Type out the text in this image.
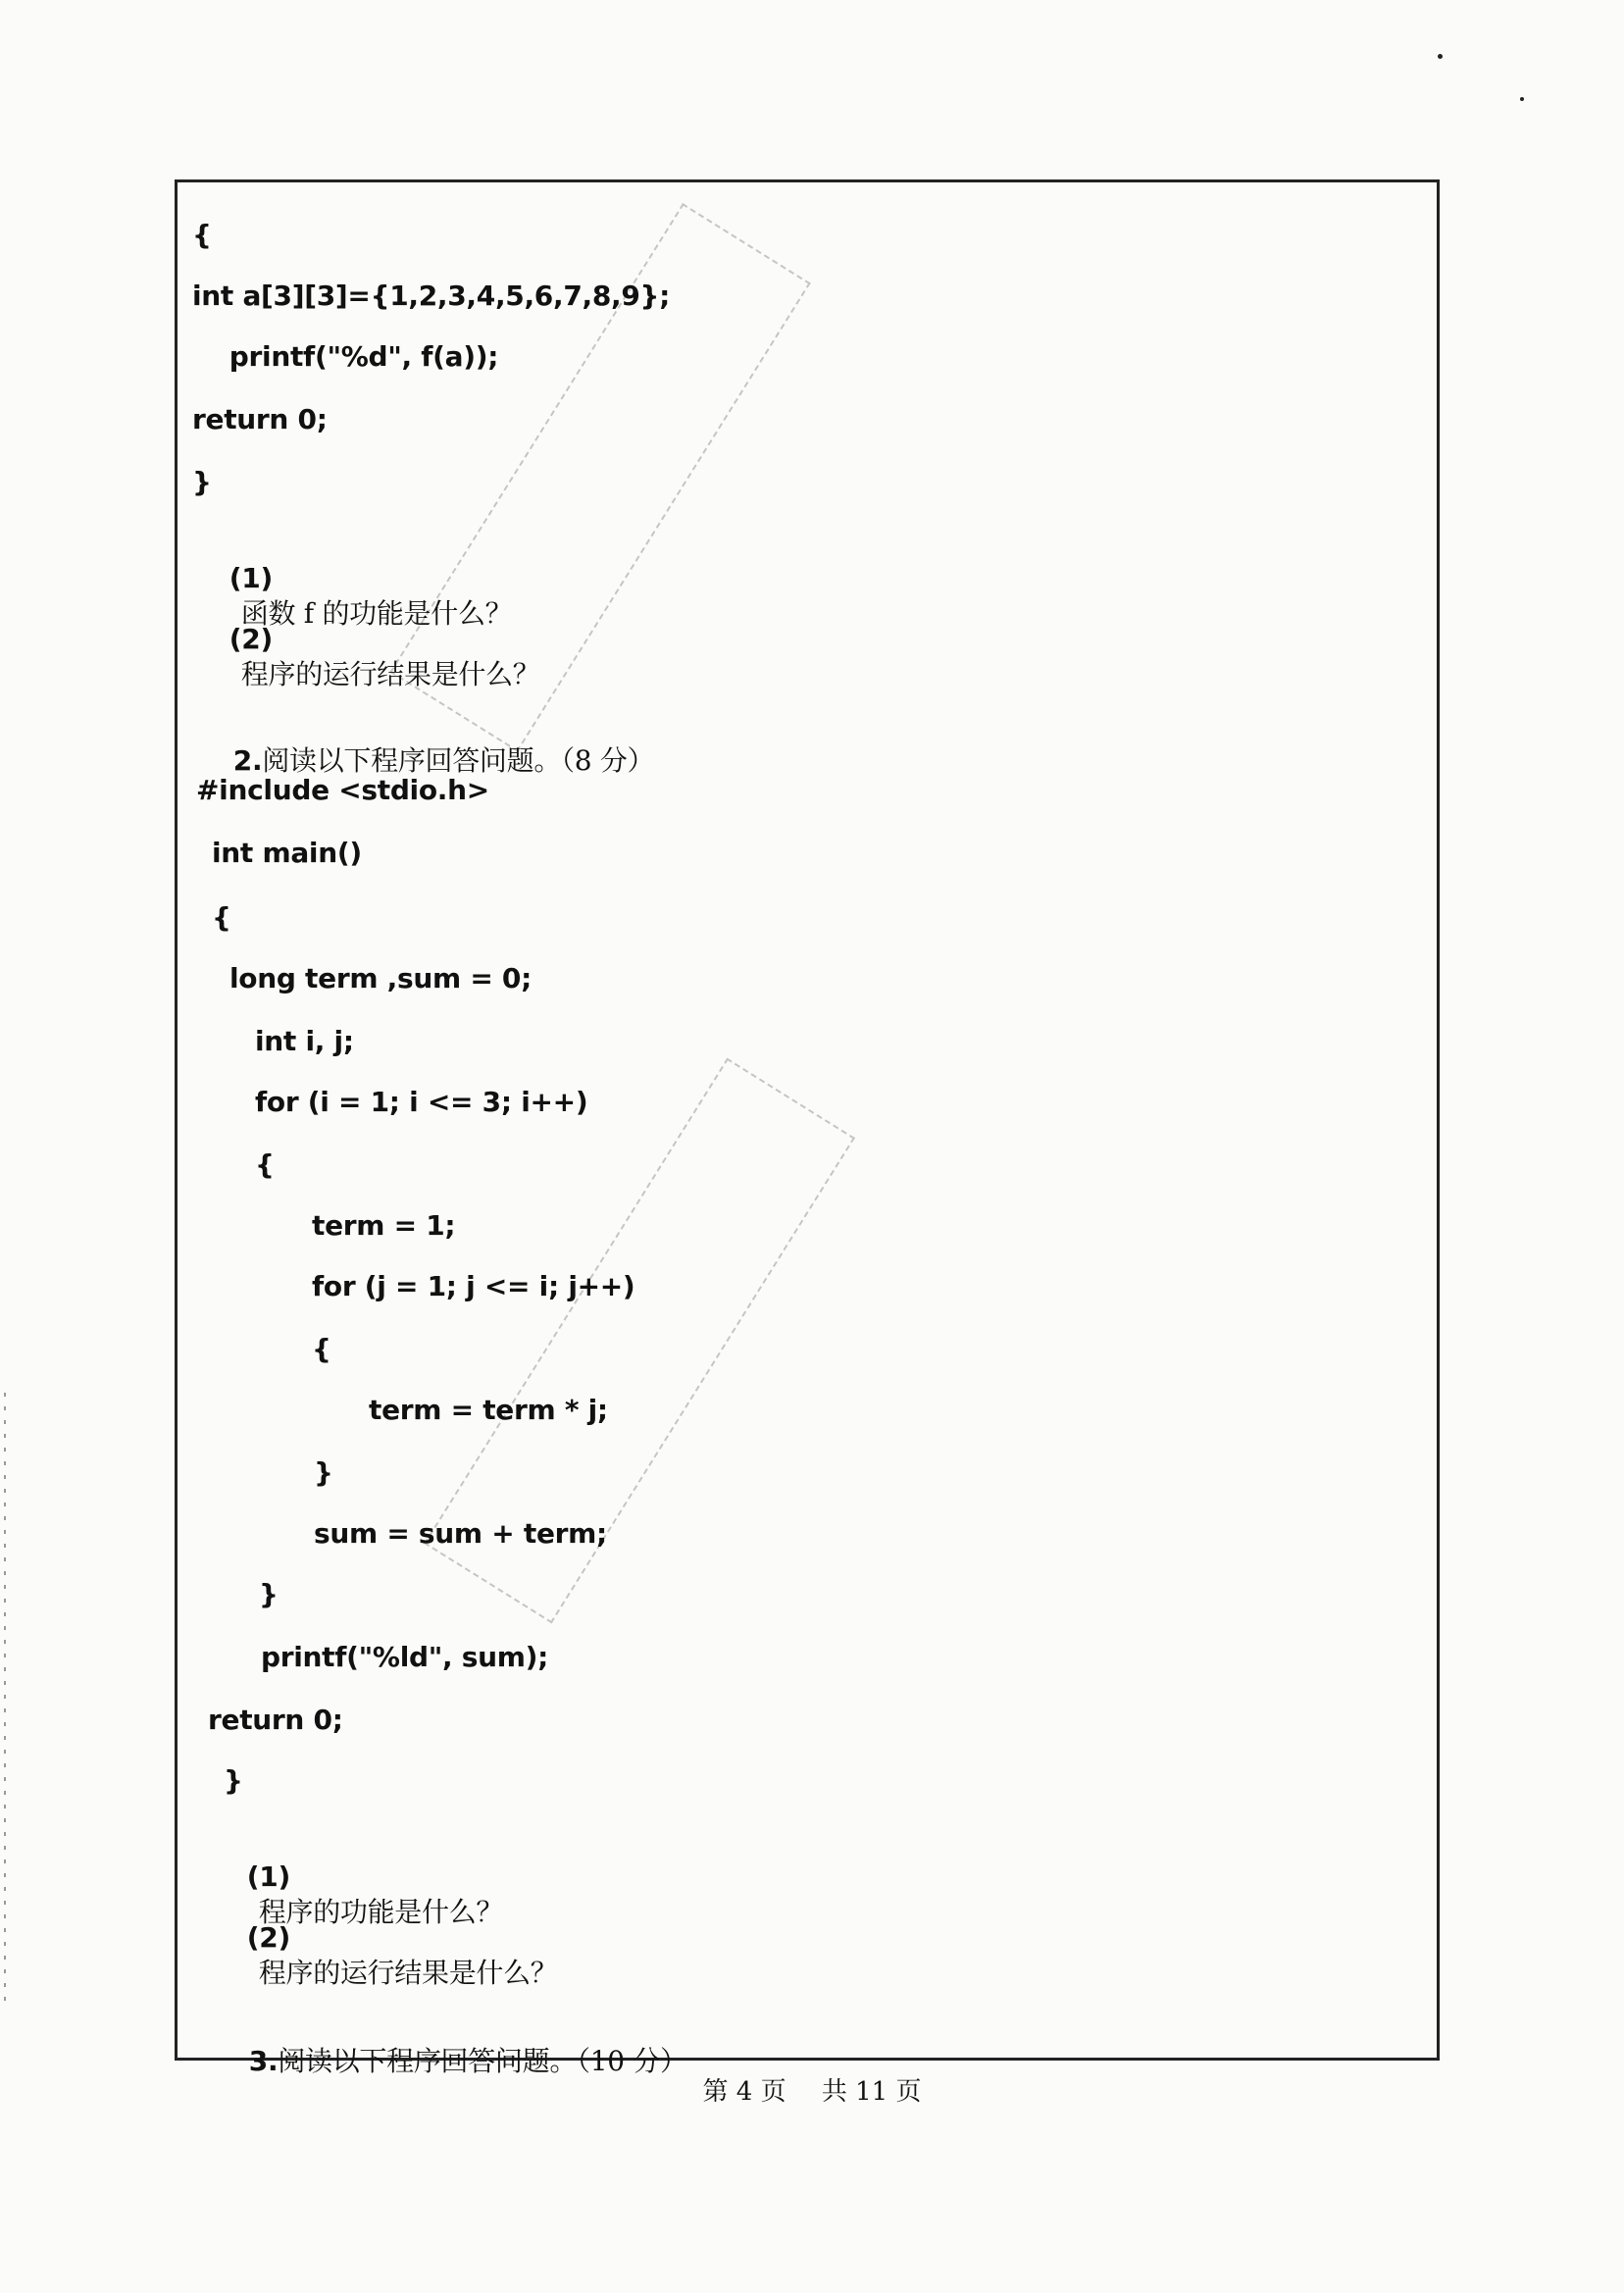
{
int a[3][3]={1,2,3,4,5,6,7,8,9};
printf("%d", f(a));
return 0;
}

(1)
函数 f 的功能是什么？

(2)
程序的运行结果是什么？

2.阅读以下程序回答问题。（8 分）

#include <stdio.h>
int main()
{
long term ,sum = 0;
int i, j;
for (i = 1; i <= 3; i++)
{
term = 1;
for (j = 1; j <= i; j++)
{
term = term * j;
}
sum = sum + term;
}
printf("%ld", sum);
return 0;
}

(1)
程序的功能是什么？

(2)
程序的运行结果是什么？

3.阅读以下程序回答问题。（10 分）

第 4 页 共 11 页
